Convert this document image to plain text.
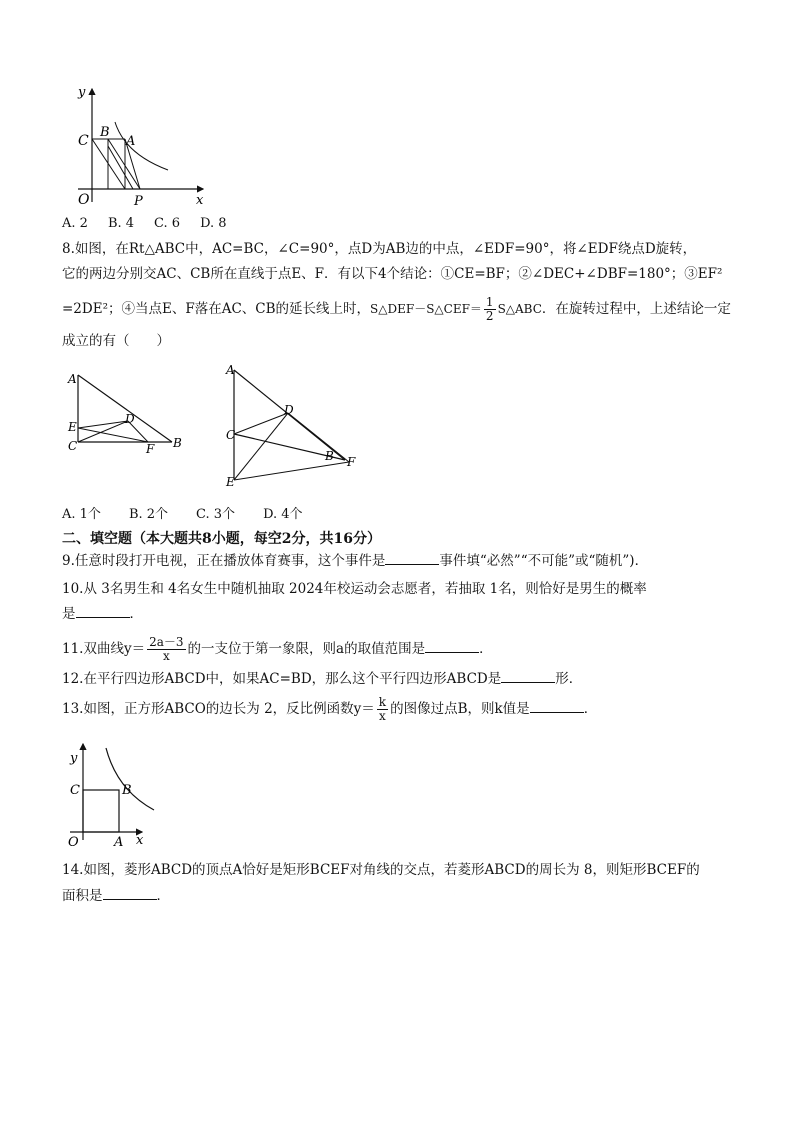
y
x
C
B
A
O	P
A. 2 B. 4 C. 6 D. 8
8.如图，在Rt△ABC中，AC=BC，∠C=90°，点D为AB边的中点，∠EDF=90°，将∠EDF绕点D旋转，
它的两边分别交AC、CB所在直线于点E、F．有以下4个结论：①CE=BF；②∠DEC+∠DBF=180°；③EF²
=2DE²；④当点E、F落在AC、CB的延长线上时，S△DEF－S△CEF＝ $\frac{1}{2}$ S△ABC．在旋转过程中，上述结论一定
成立的有（　　）
A
D
E
C	F B
A
D
C
B F
E
A. 1个 B. 2个 C. 3个 D. 4个
二、填空题（本大题共8小题，每空2分，共16分）
9.任意时段打开电视，正在播放体育赛事，这个事件是	事件填“必然”“不可能”或“随机”)．
10.从 3名男生和 4名女生中随机抽取 2024年校运动会志愿者，若抽取 1名，则恰好是男生的概率
是	．
11.双曲线$y= \frac{2a-3}{x}$ 的一支位于第一象限，则a的取值范围是	．
12.在平行四边形ABCD中，如果AC=BD，那么这个平行四边形ABCD是	形．
13.如图，正方形ABCO的边长为 2，反比例函数$y= \frac{k}{x}$ 的图像过点B，则k值是	．
y
C	B
O	A x
14.如图，菱形ABCD的顶点A恰好是矩形BCEF对角线的交点，若菱形ABCD的周长为 8，则矩形BCEF的
面积是	．
